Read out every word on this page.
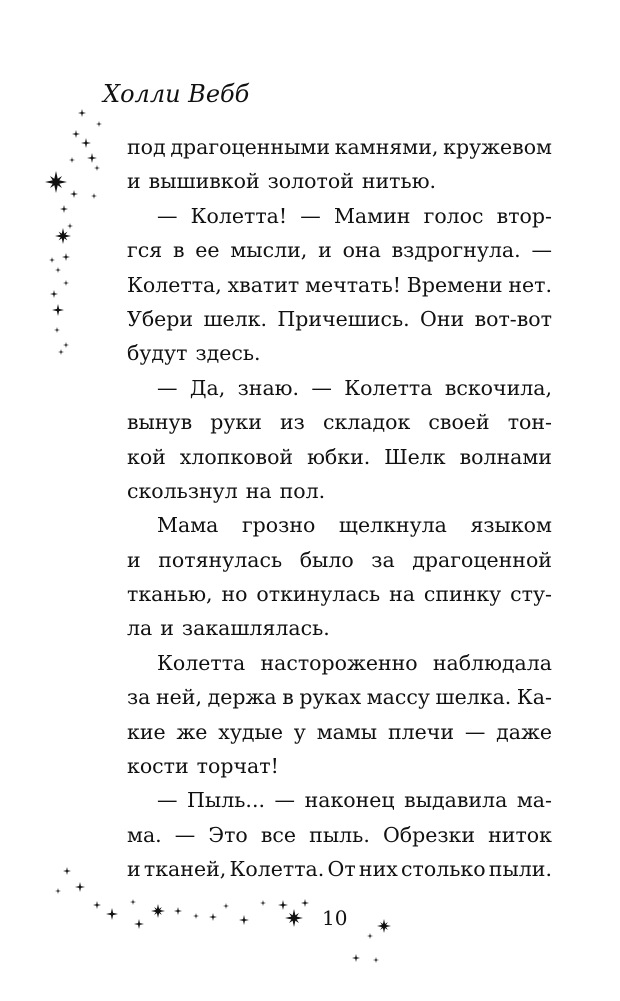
Холли Вебб
под драгоценными камнями, кружевом
и вышивкой золотой нитью.
— Колетта! — Мамин голос втор-
гся в ее мысли, и она вздрогнула. —
Колетта, хватит мечтать! Времени нет.
Убери шелк. Причешись. Они вот-вот
будут здесь.
— Да, знаю. — Колетта вскочила,
вынув руки из складок своей тон-
кой хлопковой юбки. Шелк волнами
скользнул на пол.
Мама грозно щелкнула языком
и потянулась было за драгоценной
тканью, но откинулась на спинку сту-
ла и закашлялась.
Колетта настороженно наблюдала
за ней, держа в руках массу шелка. Ка-
кие же худые у мамы плечи — даже
кости торчат!
— Пыль... — наконец выдавила ма-
ма. — Это все пыль. Обрезки ниток
и тканей, Колетта. От них столько пыли.
10
